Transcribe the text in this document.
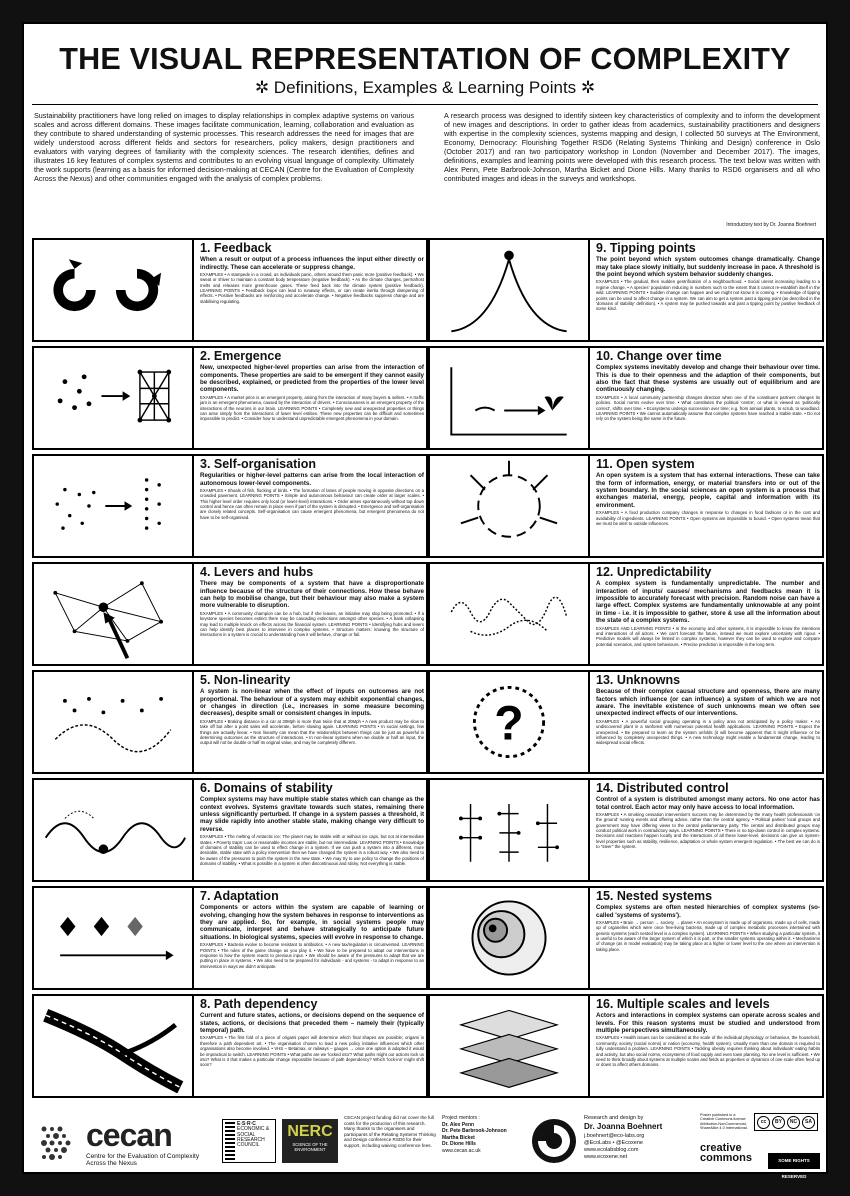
THE VISUAL REPRESENTATION OF COMPLEXITY
✲ Definitions, Examples & Learning Points ✲

Sustainability practitioners have long relied on images to display relationships in complex adaptive systems on various scales and across different domains. These images facilitate communication, learning, collaboration and evaluation as they contribute to shared understanding of systemic processes. This research addresses the need for images that are widely understood across different fields and sectors for researchers, policy makers, design practitioners and evaluators with varying degrees of familiarity with the complexity sciences. The research identifies, defines and illustrates 16 key features of complex systems and contributes to an evolving visual language of complexity. Ultimately the work supports (learning as a basis for informed decision-making at CECAN (Centre for the Evaluation of Complexity Across the Nexus) and other communities engaged with the analysis of complex problems.

A research process was designed to identify sixteen key characteristics of complexity and to inform the development of new images and descriptions. In order to gather ideas from academics, sustainability practitioners and designers with expertise in the complexity sciences, systems mapping and design, I collected 50 surveys at The Environment, Economy, Democracy: Flourishing Together RSD6 (Relating Systems Thinking and Design) conference in Oslo (October 2017) and ran two participatory workshop in London (November and December 2017). The images, definitions, examples and learning points were developed with this research process. The text below was written with Alex Penn, Pete Barbrook-Johnson, Martha Bicket and Dione Hills. Many thanks to RSD6 organisers and all who contributed images and ideas in the surveys and workshops.

Introductory text by Dr. Joanna Boehnert
1. Feedback
When a result or output of a process influences the input either directly or indirectly. These can accelerate or suppress change.
EXAMPLES • A stampede in a crowd, as individuals panic, others around them panic more (positive feedback). • We sweat or shiver to maintain a constant body temperature (negative feedback). • As the climate changes, permafrost melts and releases more greenhouse gases. These feed back into the climate system (positive feedback). LEARNING POINTS • Feedback loops can lead to runaway effects, or can create inertia through dampening of effects. • Positive feedbacks are reinforcing and accelerate change. • Negative feedbacks suppress change and are stabilising regulating.
2. Emergence
New, unexpected higher-level properties can arise from the interaction of components. These properties are said to be emergent if they cannot easily be described, explained, or predicted from the properties of the lower level components.
EXAMPLES • A market price is an emergent property, arising from the interaction of many buyers & sellers. • A traffic jam is an emergent phenomena, caused by the interaction of drivers. • Consciousness is an emergent property of the interactions of the neurons in our brain. LEARNING POINTS • Completely new and unexpected properties or things can arise simply from the interactions of lower level entities. These new properties can be difficult and sometimes impossible to predict. • Consider how to understand unpredictable emergent phenomena in your domain.
3. Self-organisation
Regularities or higher-level patterns can arise from the local interaction of autonomous lower-level components.
EXAMPLES • Shoals of fish, flocking of birds. • The formation of lanes of people moving in opposite directions on a crowded pavement. LEARNING POINTS • Simple and autonomous behaviour can create order at larger scales. • This higher level order requires only local (or lower-level) interactions. • Order arises spontaneously without top down control and hence can often remain in place even if part of the system is disrupted. • Emergence and self-organisation are closely related concepts. Self-organisation can cause emergent phenomena, but emergent phenomena do not have to be self-organised.
4. Levers and hubs
There may be components of a system that have a disproportionate influence because of the structure of their connections. How these behave can help to mobilise change, but their behaviour may also make a system more vulnerable to disruption.
EXAMPLES • A community champion can be a hub, but if she leaves, an initiative may stop being promoted. • If a keystone species becomes extinct there may be cascading extinctions amongst other species. • A bank collapsing may lead to multiple knock on effects across the financial system. LEARNING POINTS • Identifying hubs and levers can help identify best places to intervene in complex systems. • Structure matters: knowing the structure of interactions in a system is crucial to understanding how it will behave, change or fail.
5. Non-linearity
A system is non-linear when the effect of inputs on outcomes are not proportional. The behaviour of a system may exhibit exponential changes, or changes in direction (i.e., increases in some measure becoming decreases), despite small or consistent changes in inputs.
EXAMPLES • Braking distance in a car at 30Mph is more than twice that at 20Mph • A new product may be slow to take off but after a point sales will accelerate, before slowing again. LEARNING POINTS • In social settings, few things are actually linear. • Non linearity can mean that the relationships between things can be just as powerful in determining outcomes as the structure of interactions. • In non-linear systems when we double or half an input, the output will not be double or half its original value, and may be completely different.
6. Domains of stability
Complex systems may have multiple stable states which can change as the context evolves. Systems gravitate towards such states, remaining there unless significantly perturbed. If change in a system passes a threshold, it may slide rapidly into another stable state, making change very difficult to reverse.
EXAMPLES • The melting of Antarctic ice: The planet may be stable with or without ice caps, but not at intermediate states. • Poverty traps: Low or reasonable incomes are stable, but not intermediate. LEARNING POINTS • Knowledge of domains of stability can be used to effect change in a system. If we can push a system into a different, more desirable, stable state with a policy intervention then we have changed the system in a robust way. • We also need to be aware of the pressures to push the system in the new state. • We may try to use policy to change the positions of domains of stability. • What is possible in a system is often discontinuous and sticky. Not everything is stable.
7. Adaptation
Components or actors within the system are capable of learning or evolving, changing how the system behaves in response to interventions as they are applied. So, for example, in social systems people may communicate, interpret and behave strategically to anticipate future situations. In biological systems, species will evolve in response to change.
EXAMPLES • Bacteria evolve to become resistant to antibiotics. • A new tax/regulation is circumvented. LEARNING POINTS • The rules of the game change as you play it. • We have to be prepared to adapt our interventions in response to how the system reacts to previous input. • We should be aware of the pressures to adapt that we are putting in place in systems. • We also need to be prepared for individuals - and systems - to adapt in response to an intervention in ways we didn't anticipate.
8. Path dependency
Current and future states, actions, or decisions depend on the sequence of states, actions, or decisions that preceded them – namely their (typically temporal) path.
EXAMPLES • The first fold of a piece of origami paper will determine which final shapes are possible; origami is therefore a path dependent art. • The organisation chosen to lead a new policy initiative influences which other organisations also become involved. • VHS – Betamax, or railways – gauges → once one option is adopted it would be impractical to switch. LEARNING POINTS • What paths are we 'locked into'? What paths might our actions lock us into? What is it that makes a particular change impossible because of path dependency? Which 'lock-ins' might shift soon?
9. Tipping points
The point beyond which system outcomes change dramatically. Change may take place slowly initially, but suddenly increase in pace. A threshold is the point beyond which system behavior suddenly changes.
EXAMPLES • The gradual, then sudden gentrification of a neighbourhood. • Social unrest increasing leading to a regime change. • A species' population reducing in numbers such to the extent that it cannot re-establish itself in the wild. LEARNING POINTS • Sudden change can happen and we might not know it is coming. • Knowledge of tipping points can be used to affect change in a system. We can aim to get a system past a tipping point (as described in the 'domains of stability' definition). • A system may be pushed towards and past a tipping point by positive feedback of some kind.
10. Change over time
Complex systems inevitably develop and change their behaviour over time. This is due to their openness and the adaption of their components, but also the fact that these systems are usually out of equilibrium and are continuously changing.
EXAMPLES • A local community partnership changes direction when one of the constituent partners changes its policies. Social norms evolve over time. • What constitutes the political 'centre', or what is viewed as 'politically correct', shifts over time. • Ecosystems undergo succession over time; e.g. from annual plants, to scrub, to woodland. LEARNING POINTS • We cannot automatically assume that complex systems have reached a stable state. • Do not rely on the system being the same in the future.
11. Open system
An open system is a system that has external interactions. These can take the form of information, energy, or material transfers into or out of the system boundary. In the social sciences an open system is a process that exchanges material, energy, people, capital and information with its environment.
EXAMPLES • A food production company changes in response to changes in food fashions or in the cost and availability of ingredients. LEARNING POINTS • Open systems are impossible to bound. • Open systems mean that we must be alert to outside influences.
12. Unpredictability
A complex system is fundamentally unpredictable. The number and interaction of inputs/ causes/ mechanisms and feedbacks mean it is impossible to accurately forecast with precision. Random noise can have a large effect. Complex systems are fundamentally unknowable at any point in time - i.e. it is impossible to gather, store & use all the information about the state of a complex systems.
EXAMPLES AND LEARNING POINTS • In the economy and other systems, it is impossible to know the intentions and interactions of all actors. • We can't forecast the future, instead we must explore uncertainty with rigour. • Predictive models will always be limited in complex systems, however they can be used to explore and compare potential scenarios, and system behaviours. • Precise prediction is impossible in the long term.
?
13. Unknowns
Because of their complex causal structure and openness, there are many factors which influence (or can influence) a system of which we are not aware. The inevitable existence of such unknowns mean we often see unexpected indirect effects of our interventions.
EXAMPLES • A powerful social grouping operating in a policy area not anticipated by a policy maker. • An undiscovered plant in a rainforest with numerous potential health applications. LEARNING POINTS • Expect the unexpected. • Be prepared to learn as the system unfolds (it will become apparent that it might influence or be influenced by completely unexpected things. • A new technology might enable a fundamental change, leading to widespread social effects.
14. Distributed control
Control of a system is distributed amongst many actors. No one actor has total control. Each actor may only have access to local information.
EXAMPLES • A smoking cessation intervention's success may be determined by the many health professionals 'on the ground' running events and offering advice, rather than the central agency. • Political parties' local groups and government may have differing views to the central parliamentary party. The central and distributed groups may conduct political work in contradictory ways. LEARNING POINTS • There is no top-down control in complex systems. Decisions and reactions happen locally and the interactions of all these lower-level, decisions can give us system-level properties such as stability, resilience, adaptation or whole system emergent regulation. • The best we can do is to "steer" the system.
15. Nested systems
Complex systems are often nested hierarchies of complex systems (so-called 'systems of systems').
EXAMPLES • Brain → person → society → planet • An ecosystem is made up of organisms, made up of cells, made up of organelles which were once free-living bacteria, made up of complex metabolic processes intertwined with genetic systems (each nested level is a complex system). LEARNING POINTS • When studying a particular system, it is useful to be aware of the larger system of which it is part, or the smaller systems operating within it. • Mechanisms of change (as in model evaluation) may be taking place at a higher or lower level to the one where an intervention is taking place.
16. Multiple scales and levels
Actors and interactions in complex systems can operate across scales and levels. For this reason systems must be studied and understood from multiple perspectives simultaneously.
EXAMPLES • Health issues can be considered at the scale of the individual physiology or behaviour, the household, community, society (social norms) or nation (economy, health system). Usually more than one domain is required to fully understand a problem. LEARNING POINTS • Tackling obesity requires thinking about individuals' eating habits and activity, but also social norms, ecosystems of food supply and even town planning. No one level is sufficient. • We need to think broadly about systems at multiple scales and fields as properties or dynamics of one scale often feed up or down to affect others domains.
cecan
Centre for the Evaluation of Complexity Across the Nexus
E·S·R·C
ECONOMIC & SOCIAL RESEARCH COUNCIL
NERC
SCIENCE OF THE ENVIRONMENT
CECAN project funding did not cover the full costs for the production of this research. Many thanks to the organisers and participants of the Relating Systems Thinking and Design conference RSD6 for their support, including waiving conference fees.
Project mentors :
Dr. Alex Penn
Dr. Pete Barbrook-Johnson
Martha Bicket
Dr. Dione Hills
www.cecan.ac.uk
Research and design by
Dr. Joanna Boehnert
j.boehnert@eco-labs.org
@EcoLabs • @Ecoxene
www.ecolabsblog.com
www.ecoxene.net
Poster published in a Creative Commons license: Attribution-NonCommercial-ShareAlike 4.0 International.
cc	BY	NC	SA
creative commons	SOME RIGHTS RESERVED
